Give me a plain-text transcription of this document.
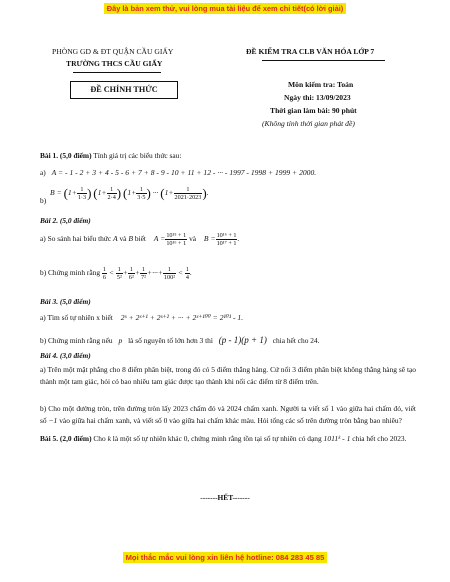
Đây là bản xem thử, vui lòng mua tài liệu để xem chi tiết(có lời giải)
PHÒNG GD & ĐT QUẬN CẦU GIẤY
TRƯỜNG THCS CẦU GIẤY
ĐỀ CHÍNH THỨC
ĐỀ KIỂM TRA CLB VĂN HÓA LỚP 7
Môn kiểm tra: Toán
Ngày thi: 13/09/2023
Thời gian làm bài: 90 phút
(Không tính thời gian phát đề)
Bài 1. (5,0 điểm) Tính giá trị các biểu thức sau:
a) A = - 1 - 2 + 3 + 4 - 5 - 6 + 7 + 8 - 9 - 10 + 11 + 12 - ··· - 1997 - 1998 + 1999 + 2000.
b) $B = (1+ \frac{1}{1\cdot 3}$ ) ($1+ \frac{1}{2\cdot 4}$ ) ($1+ \frac{1}{3\cdot 5}$ ) ··· ($1+ \frac{1}{2021\cdot 2023}$ ).
Bài 2. (5,0 điểm)
a) So sánh hai biểu thức A và B biết $A = \frac{\text{10¹⁵ + 1}}{\text{10¹⁶ + 1}}$ và $B = \frac{\text{10¹⁶ + 1}}{\text{10¹⁷ + 1}}$ .
b) Chứng minh rằng $\frac{1}{6} < \frac{1}{\text{5²}} + \frac{1}{\text{6²}} + \frac{1}{\text{7²}}$ +···+ $\frac{1}{\text{100²}} < \frac{1}{4}$ .
Bài 3. (5,0 điểm)
a) Tìm số tự nhiên x biết 2ˣ + 2ˣ⁺¹ + 2ˣ⁺² + ··· + 2ˣ⁺¹⁰⁰ = 2¹⁰¹ - 1.
b) Chứng minh rằng nếu p là số nguyên tố lớn hơn 3 thì (p - 1)(p + 1) chia hết cho 24.
Bài 4. (3,0 điểm)
a) Trên một mặt phẳng cho 8 điểm phân biệt, trong đó có 5 điểm thẳng hàng. Cứ nối 3 điểm phân biệt không thẳng hàng sẽ tạo thành một tam giác, hỏi có bao nhiêu tam giác được tạo thành khi nối các điểm từ 8 điểm trên.
b) Cho một đường tròn, trên đường tròn lấy 2023 chấm đỏ và 2024 chấm xanh. Người ta viết số 1 vào giữa hai chấm đỏ, viết số −1 vào giữa hai chấm xanh, và viết số 0 vào giữa hai chấm khác màu. Hỏi tổng các số trên đường tròn bằng bao nhiêu?
Bài 5. (2,0 điểm) Cho k là một số tự nhiên khác 0, chứng minh rằng tồn tại số tự nhiên có dạng 1011ᵏ - 1 chia hết cho 2023.
-------HẾT-------
Mọi thắc mắc vui lòng xin liên hệ hotline: 084 283 45 85
